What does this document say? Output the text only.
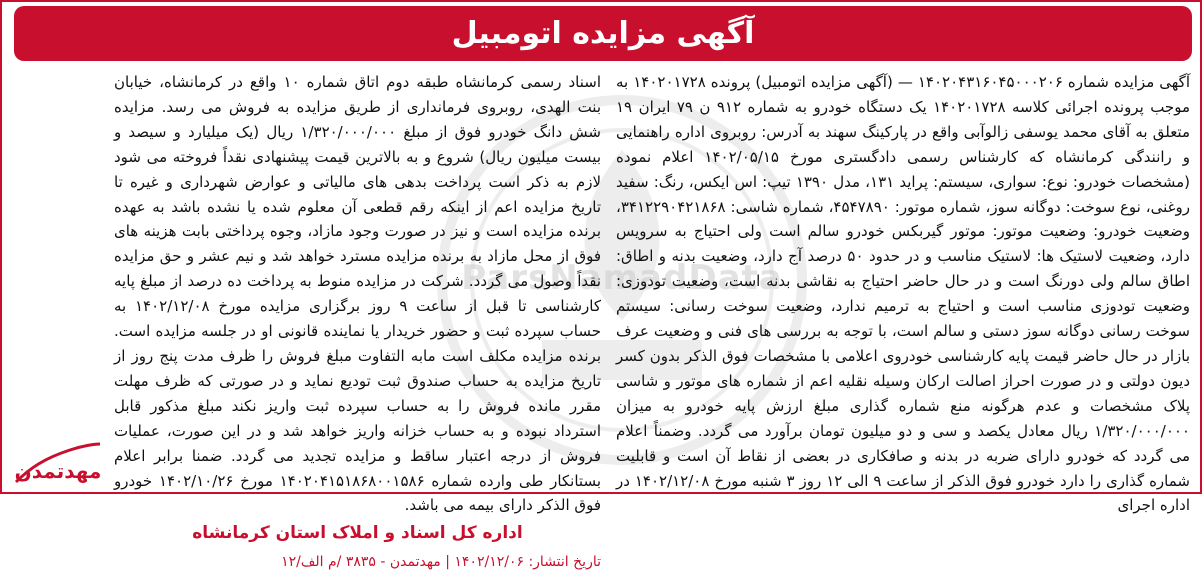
آگهی مزایده اتومبیل
ParsNamadData

آگهی مزایده شماره ۱۴۰۲۰۴۳۱۶۰۴۵۰۰۰۲۰۶ — (آگهی مزایده اتومبیل) پرونده ۱۴۰۲۰۱۷۲۸ به موجب پرونده اجرائی کلاسه ۱۴۰۲۰۱۷۲۸ یک دستگاه خودرو به شماره ۹۱۲ ن ۷۹ ایران ۱۹ متعلق به آقای محمد یوسفی زالوآبی واقع در پارکینگ سهند به آدرس: روبروی اداره راهنمایی و رانندگی کرمانشاه که کارشناس رسمی دادگستری مورخ ۱۴۰۲/۰۵/۱۵ اعلام نموده (مشخصات خودرو: نوع: سواری، سیستم: پراید ۱۳۱، مدل ۱۳۹۰ تیپ: اس ایکس، رنگ: سفید روغنی، نوع سوخت: دوگانه سوز، شماره موتور: ۴۵۴۷۸۹۰، شماره شاسی: ۳۴۱۲۲۹۰۴۲۱۸۶۸، وضعیت خودرو: وضعیت موتور: موتور گیربکس خودرو سالم است ولی احتیاج به سرویس دارد، وضعیت لاستیک ها: لاستیک مناسب و در حدود ۵۰ درصد آج دارد، وضعیت بدنه و اطاق: اطاق سالم ولی دورنگ است و در حال حاضر احتیاج به نقاشی بدنه است، وضعیت تودوزی: وضعیت تودوزی مناسب است و احتیاج به ترمیم ندارد، وضعیت سوخت رسانی: سیستم سوخت رسانی دوگانه سوز دستی و سالم است، با توجه به بررسی های فنی و وضعیت عرف بازار در حال حاضر قیمت پایه کارشناسی خودروی اعلامی با مشخصات فوق الذکر بدون کسر دیون دولتی و در صورت احراز اصالت ارکان وسیله نقلیه اعم از شماره های موتور و شاسی پلاک مشخصات و عدم هرگونه منع شماره گذاری مبلغ ارزش پایه خودرو به میزان ۱/۳۲۰/۰۰۰/۰۰۰ ریال معادل یکصد و سی و دو میلیون تومان برآورد می گردد. وضمناً اعلام می گردد که خودرو دارای ضربه در بدنه و صافکاری در بعضی از نقاط آن است و قابلیت شماره گذاری را دارد خودرو فوق الذکر از ساعت ۹ الی ۱۲ روز ۳ شنبه مورخ ۱۴۰۲/۱۲/۰۸ در اداره اجرای

اسناد رسمی کرمانشاه طبقه دوم اتاق شماره ۱۰ واقع در کرمانشاه، خیابان بنت الهدی، روبروی فرمانداری از طریق مزایده به فروش می رسد. مزایده شش دانگ خودرو فوق از مبلغ ۱/۳۲۰/۰۰۰/۰۰۰ ریال (یک میلیارد و سیصد و بیست میلیون ریال) شروع و به بالاترین قیمت پیشنهادی نقداً فروخته می شود لازم به ذکر است پرداخت بدهی های مالیاتی و عوارض شهرداری و غیره تا تاریخ مزایده اعم از اینکه رقم قطعی آن معلوم شده یا نشده باشد به عهده برنده مزایده است و نیز در صورت وجود مازاد، وجوه پرداختی بابت هزینه های فوق از محل مازاد به برنده مزایده مسترد خواهد شد و نیم عشر و حق مزایده نقداً وصول می گردد. شرکت در مزایده منوط به پرداخت ده درصد از مبلغ پایه کارشناسی تا قبل از ساعت ۹ روز برگزاری مزایده مورخ ۱۴۰۲/۱۲/۰۸ به حساب سپرده ثبت و حضور خریدار یا نماینده قانونی او در جلسه مزایده است. برنده مزایده مکلف است مابه التفاوت مبلغ فروش را ظرف مدت پنج روز از تاریخ مزایده به حساب صندوق ثبت تودیع نماید و در صورتی که ظرف مهلت مقرر مانده فروش را به حساب سپرده ثبت واریز نکند مبلغ مذکور قابل استرداد نبوده و به حساب خزانه واریز خواهد شد و در این صورت، عملیات فروش از درجه اعتبار ساقط و مزایده تجدید می گردد. ضمنا برابر اعلام بستانکار طی وارده شماره ۱۴۰۲۰۴۱۵۱۸۶۸۰۰۱۵۸۶ مورخ ۱۴۰۲/۱۰/۲۶ خودرو فوق الذکر دارای بیمه می باشد.

اداره کل اسناد و املاک استان کرمانشاه
تاریخ انتشار: ۱۴۰۲/۱۲/۰۶ | مهدتمدن - ۳۸۳۵ /م الف/۱۲
مهدتمدن
